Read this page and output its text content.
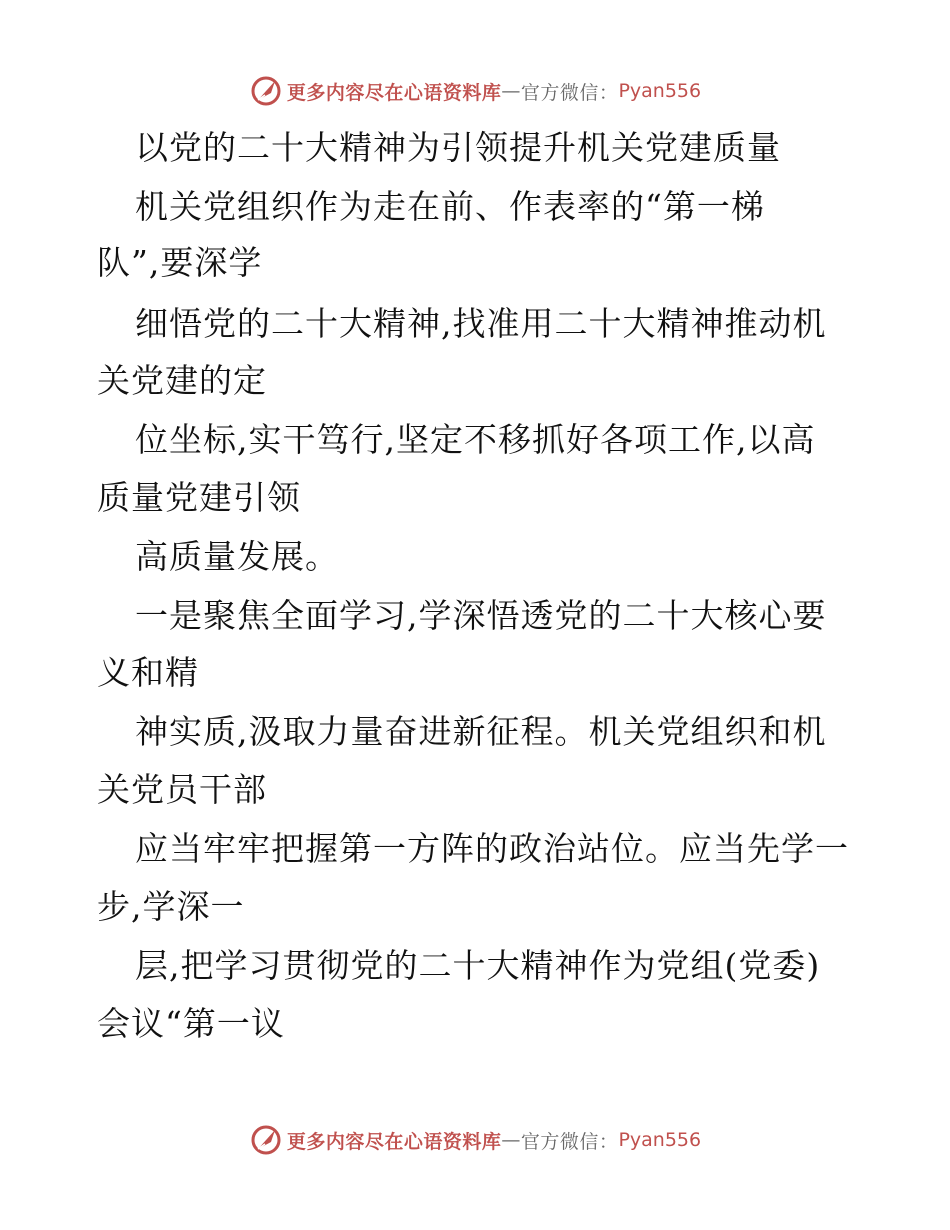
更多内容尽在心语资料库 — 官方微信： Pyan556
以党的二十大精神为引领提升机关党建质量
机关党组织作为走在前、作表率的“第一梯
队”,要深学
细悟党的二十大精神,找准用二十大精神推动机
关党建的定
位坐标,实干笃行,坚定不移抓好各项工作,以高
质量党建引领
高质量发展。
一是聚焦全面学习,学深悟透党的二十大核心要
义和精
神实质,汲取力量奋进新征程。机关党组织和机
关党员干部
应当牢牢把握第一方阵的政治站位。应当先学一
步,学深一
层,把学习贯彻党的二十大精神作为党组(党委)
会议“第一议
更多内容尽在心语资料库 — 官方微信： Pyan556
